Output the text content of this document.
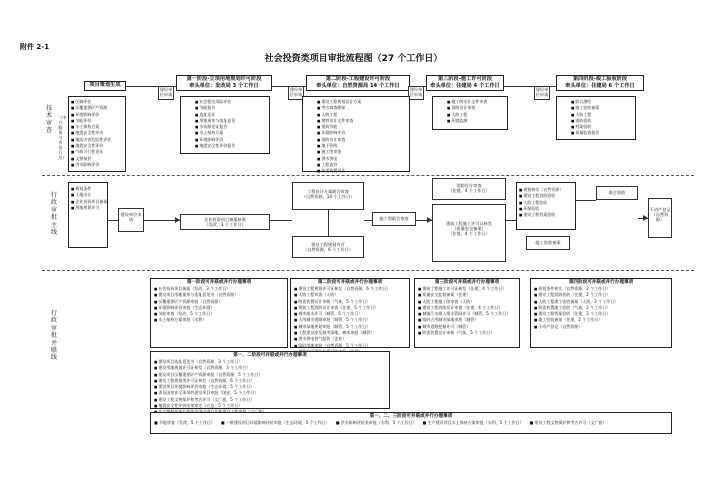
附件 2-1
社会投资类项目审批流程图（27 个工作日）
技术审查
（中介服务与市场行为）
行政审批主线
行政审批并联线
项目策划生成
第一阶段-立项用地规划许可阶段
牵头单位：发改局 3 个工作日
第二阶段-工程建设许可阶段
牵头单位：自然资源局 14 个工作日
第三阶段-施工许可阶段
牵头单位：住建局 4 个工作日
第四阶段-竣工验收阶段
牵头单位：住建局 6 个工作日
建设单位申请
建设单位申请
建设单位申请
建设单位申请
■ 区域评估
■ 压覆重要矿产资源
■ 环境影响评价
■ 节能评价
■ 水土保持方案
■ 地震安全性评价
■ 地质灾害危险性评估
■ 地震安全性评价
■ 气候可行性论证
■ 文物保护
■ 洪水影响评价
■ 社会稳定风险评估
■ 节能报告
■ 选址论证
■ 用地预审与选址意见
■ 水资源论证报告
■ 水土保持方案
■ 环境影响评价
■ 地震安全性评价报告
■ 建设工程规划设计方案
■ 考古调查勘探
■ 人防工程
■ 勘察设计文件审查
■ 建筑节能
■ 环境影响评价
■ 消防设计审查
■ 地下管线
■ 施工图审查
■ 供水供电
■ 工程造价
■ 防雷装置设计
■ 施工图设计文件审查
■ 消防设计审查
■ 人防工程
■ 环境监测
■ 联合测绘
■ 竣工验收备案
■ 人防工程
■ 消防验收
■ 档案验收
■ 质量监督报告
■ 规划条件
■ 土地出让
■ 企业投资项目备案
■ 用地规划许可
建设单位申请	企业投资项目备案核准
（发改，3 个工作日）
工程设计方案联合审查
（自然资源，14 个工作日）
建设工程规划许可
（自然资源，6 个工作日）
施工图联合审查
消防设计审查
（住建，4 个工作日）
建筑工程施工许可证核发
（质量安全备案）
（住建，4 个工作日）
■ 规划核实（自然资源）
■ 建设工程消防验收
■ 人防工程验收
■ 环保验收
■ 建设工程档案验收
竣工验收备案
联合验收
不动产登记（自然资源）
第一阶段可并联或并行办理事项
■ 社会投资项目备案（发改，3 个工作日）
■ 建设项目用地预审与选址意见书（自然资源）
■ 压覆重要矿产资源审批（自然资源）
■ 环境影响评价审批（生态环境）
■ 节能审查（发改，5 个工作日）
■ 水土保持方案审批（水利）
第二阶段可并联或并行办理事项
■ 建设工程规划许可证核发（自然资源，6 个工作日）
■ 人防工程审查（人防）
■ 防雷装置设计审核（气象，5 个工作日）
■ 建筑工程消防设计审查（住建，5 个工作日）
■ 城市排水许可（城管，5 个工作日）
■ 占用城市道路审批（城管，5 个工作日）
■ 城市绿地规划审批（城管，5 个工作日）
■ 工程建设涉及城市绿地、树木审批（城管）
■ 供水供电供气报装（企业）
■ 临时用地审批（自然资源，5 个工作日）
■
■
第三阶段可并联或并行办理事项
■ 建筑工程施工许可证核发（住建，4 个工作日）
■ 质量安全监督备案（住建）
■ 人防工程施工图审查（人防）
■ 建设工程消防设计审查（住建，4 个工作日）
■ 城镇污水排入排水管网许可（城管，5 个工作日）
■ 临时占用城市绿地审批（城管）
■ 城市道路挖掘许可（城管）
■ 防雷装置设计审核（气象，5 个工作日）
第四阶段可并联或并行办理事项
■ 规划条件核实（自然资源，2 个工作日）
■ 建设工程消防验收（住建，2 个工作日）
■ 人防工程竣工验收备案（人防，2 个工作日）
■ 防雷装置竣工验收（气象，2 个工作日）
■ 建设工程档案验收（住建，2 个工作日）
■ 竣工验收备案（住建，2 个工作日）
■ 不动产登记（自然资源）
第一、二阶段可并联或并行办理事项
■ 建设项目选址意见书（自然资源，3 个工作日）
■ 建设用地规划许可证核发（自然资源，3 个工作日）
■ 建设项目压覆重要矿产资源审批（自然资源，5 个工作日）
■ 建设工程规划类许可证核发（自然资源，6 个工作日）
■ 建设项目环境影响评价审批（生态环境，5 个工作日）
■ 涉及国家安全事项的建设项目审批（国安，5 个工作日）
■ 建设工程文物保护和考古许可（文广旅，5 个工作日）
■ 地震安全性评价结果审定（应急，5 个工作日）
■
第一、二、三阶段可并联或并行办理事项
■ 节能审查（发改，5 个工作日） ■ 一般建设项目环境影响评价审批（生态环境，5 个工作日） ■ 洪水影响评价类审批（水利，5 个工作日） ■ 生产建设项目水土保持方案审批（水利，5 个工作日） ■ 建设工程文物保护和考古许可（文广旅）
